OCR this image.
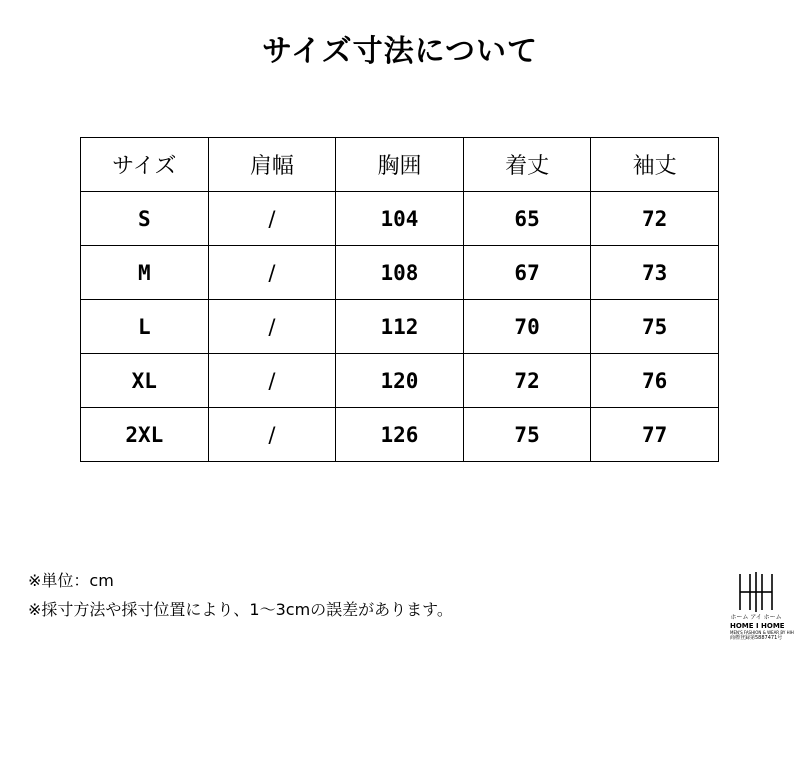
サイズ寸法について
サイズ	肩幅	胸囲	着丈	袖丈
S	/	104	65	72
M	/	108	67	73
L	/	112	70	75
XL	/	120	72	76
2XL	/	126	75	77
※単位：cm
※採寸方法や採寸位置により、1～3cmの誤差があります。	ホーム アイ ホーム
HOME I HOME
MEN'S FASHION & WEAR BY HIH
商標登録第5887471号
